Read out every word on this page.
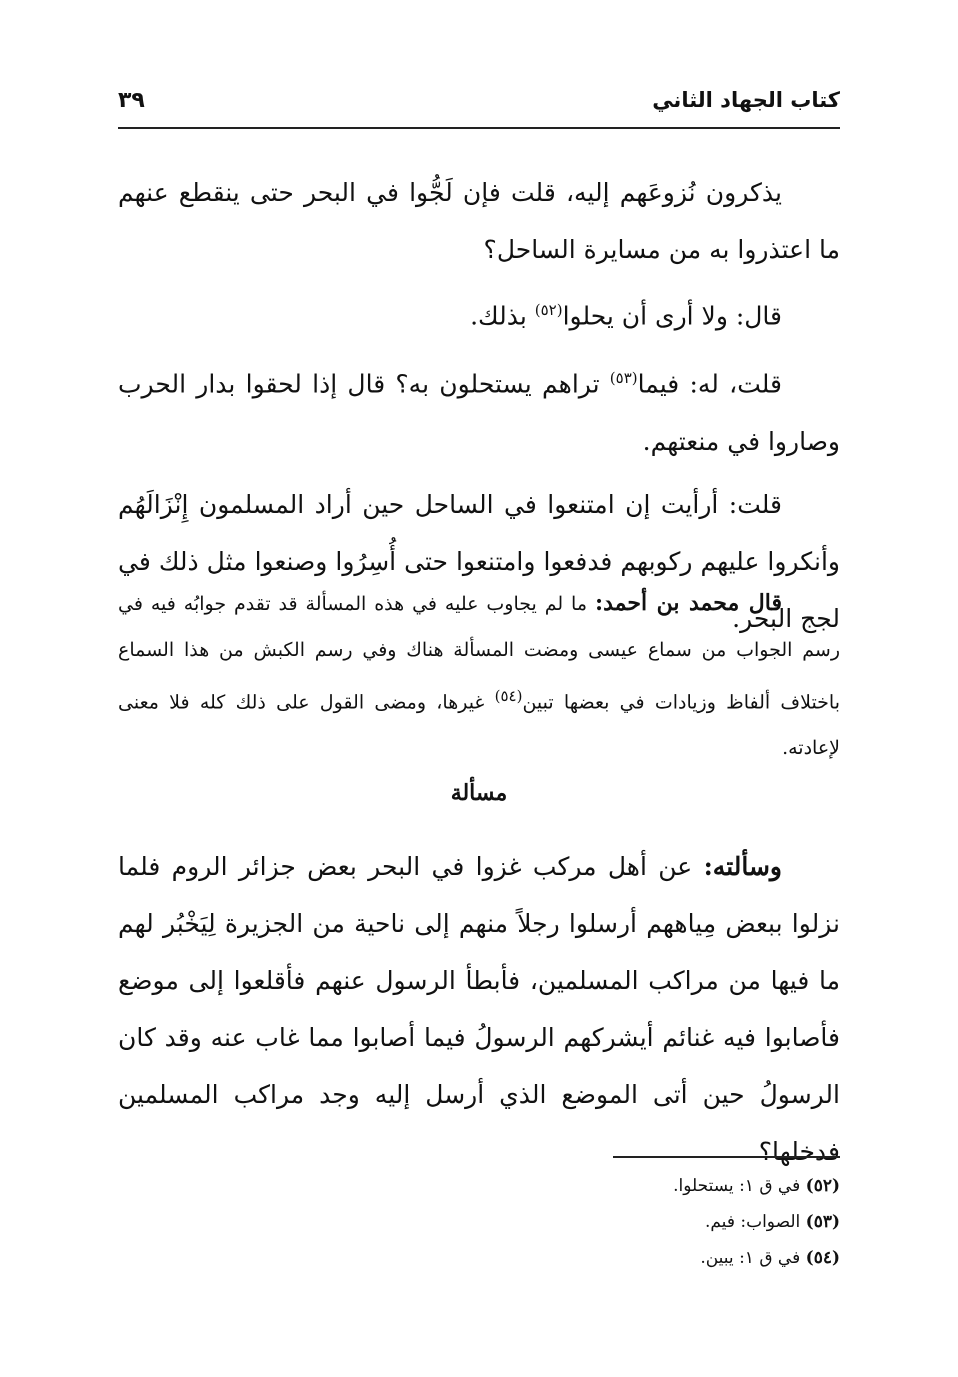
كتاب الجهاد الثاني
٣٩

يذكرون نُزوعَهم إليه، قلت فإن لَجُّوا في البحر حتى ينقطع عنهم ما اعتذروا به من مسايرة الساحل؟

قال: ولا أرى أن يحلوا$^{(٥٢)}$ بذلك.

قلت، له: فيما$^{(٥٣)}$ تراهم يستحلون به؟ قال إذا لحقوا بدار الحرب وصاروا في منعتهم.

قلت: أرأيت إن امتنعوا في الساحل حين أراد المسلمون إِنْزَالَهُم وأنكروا عليهم ركوبهم فدفعوا وامتنعوا حتى أُسِرُوا وصنعوا مثل ذلك في لجج البحر.

قال محمد بن أحمد: ما لم يجاوب عليه في هذه المسألة قد تقدم جوابُه فيه في رسم الجواب من سماع عيسى ومضت المسألة هناك وفي رسم الكبش من هذا السماع باختلاف ألفاظ وزيادات في بعضها تبين$^{(٥٤)}$ غيرها، ومضى القول على ذلك كله فلا معنى لإعادته.

مسألة

وسألته: عن أهل مركب غزوا في البحر بعض جزائر الروم فلما نزلوا ببعض مِياههم أرسلوا رجلاً منهم إلى ناحية من الجزيرة لِيَخْبُر لهم ما فيها من مراكب المسلمين، فأبطأ الرسول عنهم فأقلعوا إلى موضع فأصابوا فيه غنائم أيشركهم الرسولُ فيما أصابوا مما غاب عنه وقد كان الرسولُ حين أتى الموضع الذي أرسل إليه وجد مراكب المسلمين فدخلها؟

(٥٢) في ق ١: يستحلوا.
(٥٣) الصواب: فيم.
(٥٤) في ق ١: يبين.
